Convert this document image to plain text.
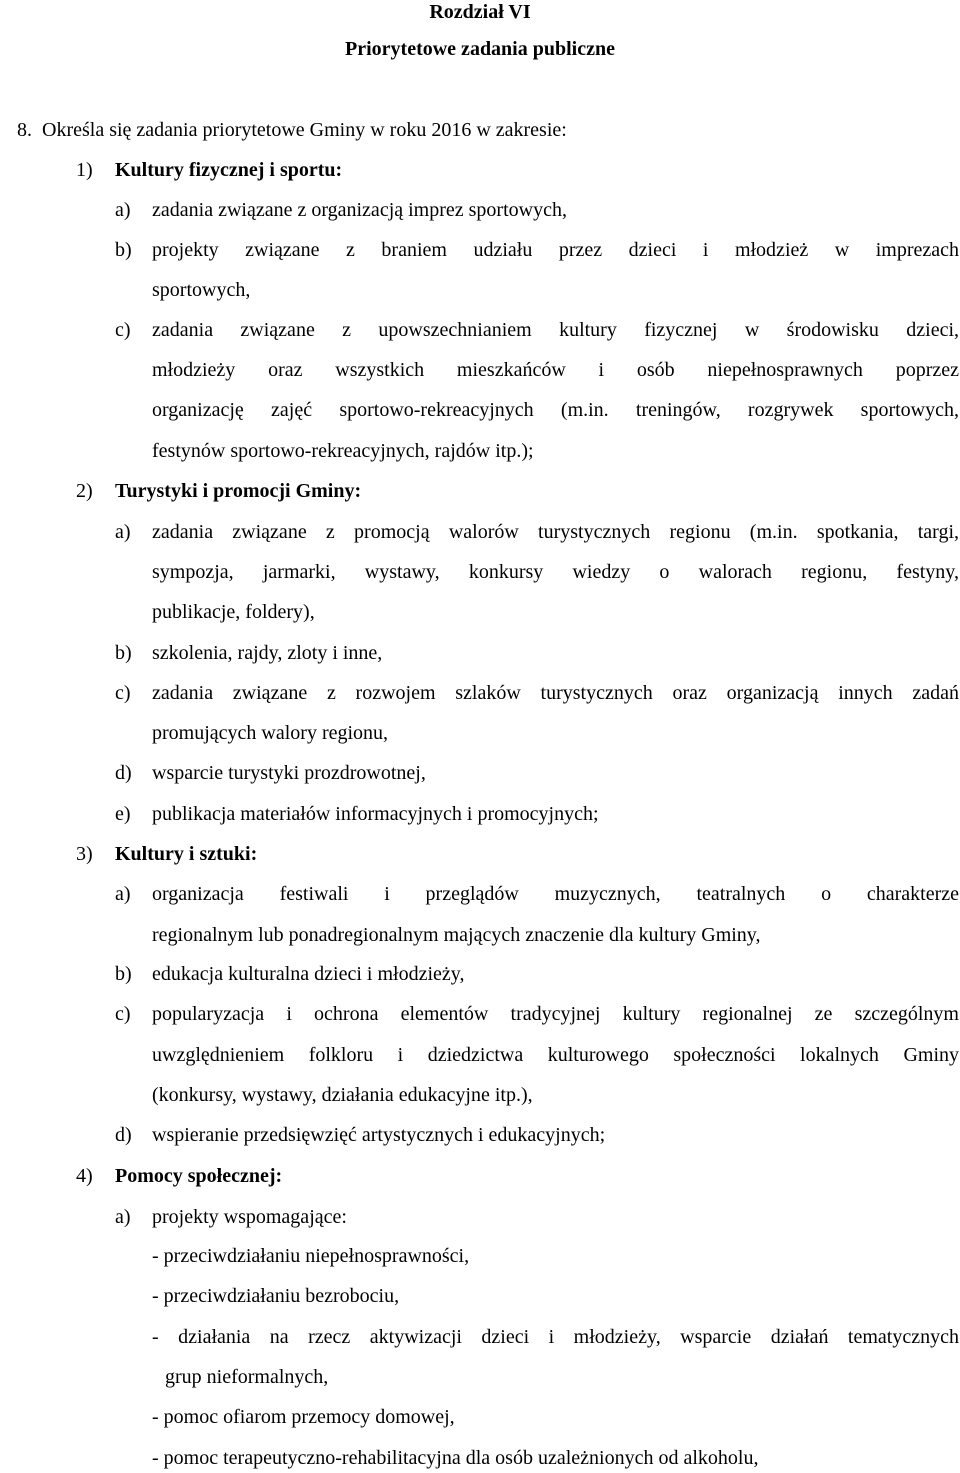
Rozdział VI
Priorytetowe zadania publiczne
8. Określa się zadania priorytetowe Gminy w roku 2016 w zakresie:
1) Kultury fizycznej i sportu:
a) zadania związane z organizacją imprez sportowych,
b) projekty związane z braniem udziału przez dzieci i młodzież w imprezach
sportowych,
c) zadania związane z upowszechnianiem kultury fizycznej w środowisku dzieci,
młodzieży oraz wszystkich mieszkańców i osób niepełnosprawnych poprzez
organizację zajęć sportowo-rekreacyjnych (m.in. treningów, rozgrywek sportowych,
festynów sportowo-rekreacyjnych, rajdów itp.);
2) Turystyki i promocji Gminy:
a) zadania związane z promocją walorów turystycznych regionu (m.in. spotkania, targi,
sympozja, jarmarki, wystawy, konkursy wiedzy o walorach regionu, festyny,
publikacje, foldery),
b) szkolenia, rajdy, zloty i inne,
c) zadania związane z rozwojem szlaków turystycznych oraz organizacją innych zadań
promujących walory regionu,
d) wsparcie turystyki prozdrowotnej,
e) publikacja materiałów informacyjnych i promocyjnych;
3) Kultury i sztuki:
a) organizacja festiwali i przeglądów muzycznych, teatralnych o charakterze
regionalnym lub ponadregionalnym mających znaczenie dla kultury Gminy,
b) edukacja kulturalna dzieci i młodzieży,
c) popularyzacja i ochrona elementów tradycyjnej kultury regionalnej ze szczególnym
uwzględnieniem folkloru i dziedzictwa kulturowego społeczności lokalnych Gminy
(konkursy, wystawy, działania edukacyjne itp.),
d) wspieranie przedsięwzięć artystycznych i edukacyjnych;
4) Pomocy społecznej:
a) projekty wspomagające:
- przeciwdziałaniu niepełnosprawności,
- przeciwdziałaniu bezrobociu,
- działania na rzecz aktywizacji dzieci i młodzieży, wsparcie działań tematycznych
grup nieformalnych,
- pomoc ofiarom przemocy domowej,
- pomoc terapeutyczno-rehabilitacyjna dla osób uzależnionych od alkoholu,
